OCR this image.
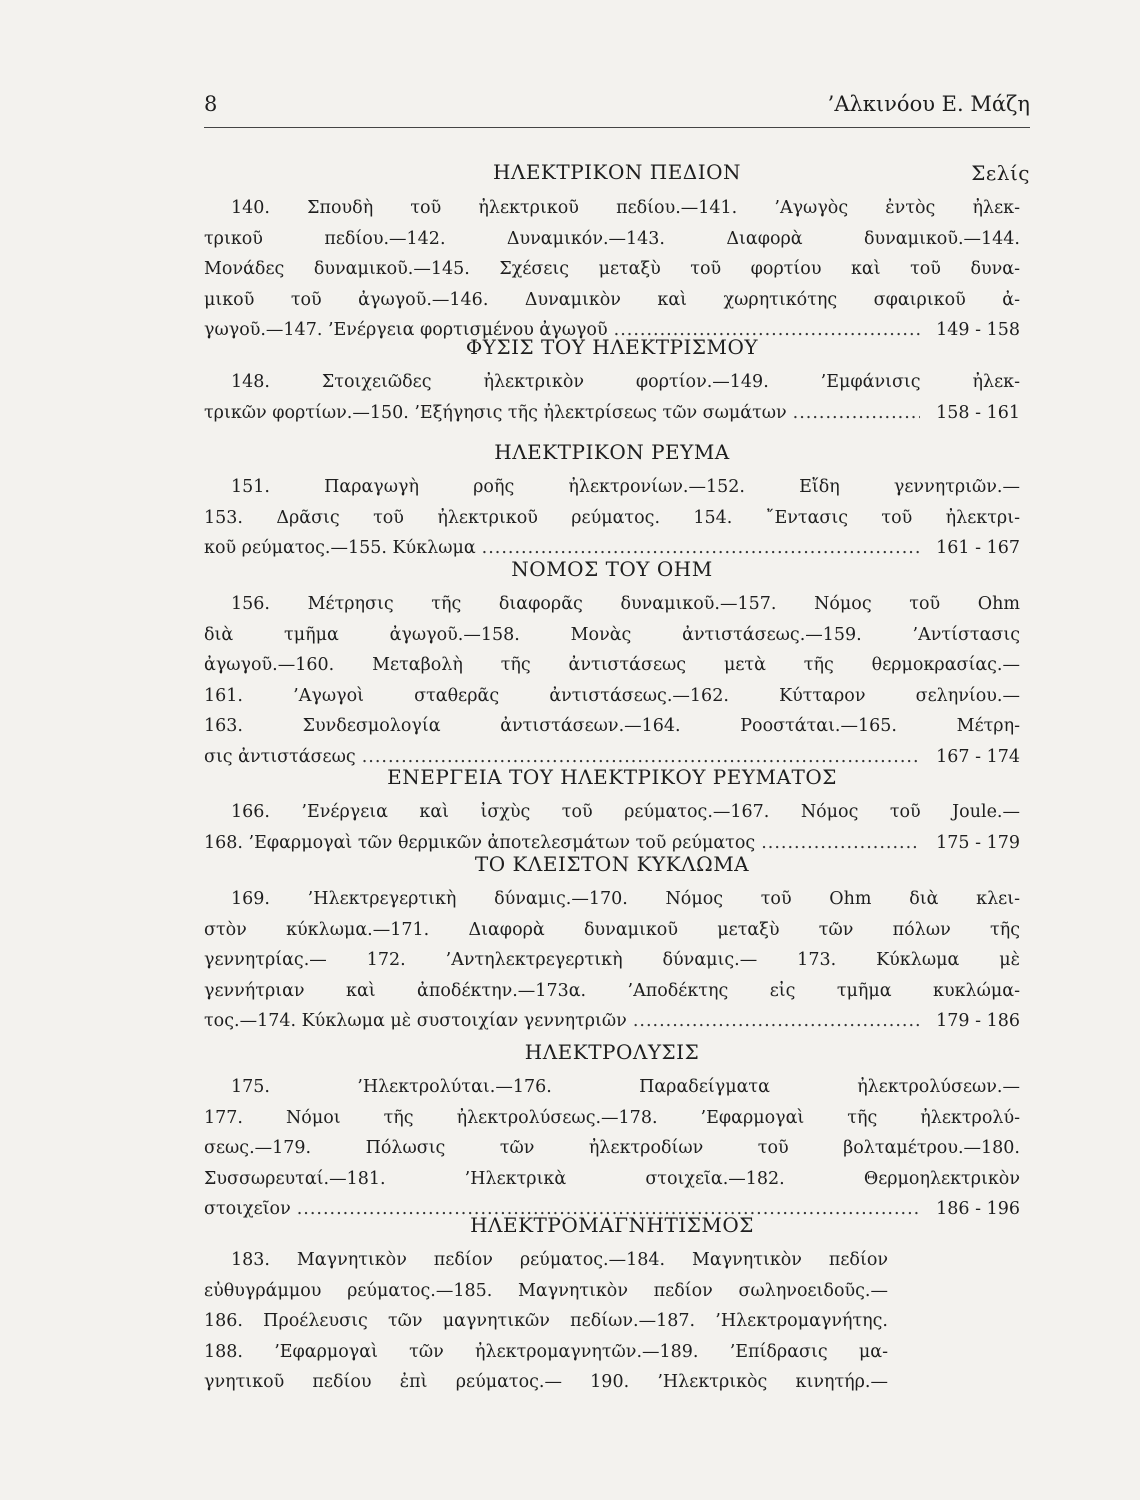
8	’Αλκινόου Ε. Μάζη
ΗΛΕΚΤΡΙΚΟΝ ΠΕΔΙΟΝ	Σελίς
140. Σπουδὴ τοῦ ἠλεκτρικοῦ πεδίου.—141. ’Αγωγὸς ἐντὸς ἠλεκ-
τρικοῦ πεδίου.—142. Δυναμικόν.—143. Διαφορὰ δυναμικοῦ.—144.
Μονάδες δυναμικοῦ.—145. Σχέσεις μεταξὺ τοῦ φορτίου καὶ τοῦ δυνα-
μικοῦ τοῦ ἀγωγοῦ.—146. Δυναμικὸν καὶ χωρητικότης σφαιρικοῦ ἀ-
γωγοῦ.—147. ’Ενέργεια φορτισμένου ἀγωγοῦ .....	149 - 158
ΦΥΣΙΣ ΤΟΥ ΗΛΕΚΤΡΙΣΜΟΥ
148. Στοιχειῶδες ἠλεκτρικὸν φορτίον.—149. ’Εμφάνισις ἠλεκ-
τρικῶν φορτίων.—150. ’Εξήγησις τῆς ἠλεκτρίσεως τῶν σωμάτων .....	158 - 161
ΗΛΕΚΤΡΙΚΟΝ ΡΕΥΜΑ
151. Παραγωγὴ ροῆς ἠλεκτρονίων.—152. Εἴδη γεννητριῶν.—
153. Δρᾶσις τοῦ ἠλεκτρικοῦ ρεύματος. 154. ῎Εντασις τοῦ ἠλεκτρι-
κοῦ ρεύματος.—155. Κύκλωμα .....	161 - 167
ΝΟΜΟΣ ΤΟΥ ΟΗΜ
156. Μέτρησις τῆς διαφορᾶς δυναμικοῦ.—157. Νόμος τοῦ Ohm
διὰ τμῆμα ἀγωγοῦ.—158. Μονὰς ἀντιστάσεως.—159. ’Αντίστασις
ἀγωγοῦ.—160. Μεταβολὴ τῆς ἀντιστάσεως μετὰ τῆς θερμοκρασίας.—
161. ’Αγωγοὶ σταθερᾶς ἀντιστάσεως.—162. Κύτταρον σεληνίου.—
163. Συνδεσμολογία ἀντιστάσεων.—164. Ροοστάται.—165. Μέτρη-
σις ἀντιστάσεως .....	167 - 174
ΕΝΕΡΓΕΙΑ ΤΟΥ ΗΛΕΚΤΡΙΚΟΥ ΡΕΥΜΑΤΟΣ
166. ’Ενέργεια καὶ ἰσχὺς τοῦ ρεύματος.—167. Νόμος τοῦ Joule.—
168. ’Εφαρμογαὶ τῶν θερμικῶν ἀποτελεσμάτων τοῦ ρεύματος .....	175 - 179
ΤΟ ΚΛΕΙΣΤΟΝ ΚΥΚΛΩΜΑ
169. ’Ηλεκτρεγερτικὴ δύναμις.—170. Νόμος τοῦ Ohm διὰ κλει-
στὸν κύκλωμα.—171. Διαφορὰ δυναμικοῦ μεταξὺ τῶν πόλων τῆς
γεννητρίας.— 172. ’Αντηλεκτρεγερτικὴ δύναμις.— 173. Κύκλωμα μὲ
γεννήτριαν καὶ ἀποδέκτην.—173α. ’Αποδέκτης εἰς τμῆμα κυκλώμα-
τος.—174. Κύκλωμα μὲ συστοιχίαν γεννητριῶν .....	179 - 186
ΗΛΕΚΤΡΟΛΥΣΙΣ
175. ’Ηλεκτρολύται.—176. Παραδείγματα ἠλεκτρολύσεων.—
177. Νόμοι τῆς ἠλεκτρολύσεως.—178. ’Εφαρμογαὶ τῆς ἠλεκτρολύ-
σεως.—179. Πόλωσις τῶν ἠλεκτροδίων τοῦ βολταμέτρου.—180.
Συσσωρευταί.—181. ’Ηλεκτρικὰ στοιχεῖα.—182. Θερμοηλεκτρικὸν
στοιχεῖον .....	186 - 196
ΗΛΕΚΤΡΟΜΑΓΝΗΤΙΣΜΟΣ
183. Μαγνητικὸν πεδίον ρεύματος.—184. Μαγνητικὸν πεδίον
εὐθυγράμμου ρεύματος.—185. Μαγνητικὸν πεδίον σωληνοειδοῦς.—
186. Προέλευσις τῶν μαγνητικῶν πεδίων.—187. ’Ηλεκτρομαγνήτης.
188. ’Εφαρμογαὶ τῶν ἠλεκτρομαγνητῶν.—189. ’Επίδρασις μα-
γνητικοῦ πεδίου ἐπὶ ρεύματος.— 190. ’Ηλεκτρικὸς κινητήρ.—
